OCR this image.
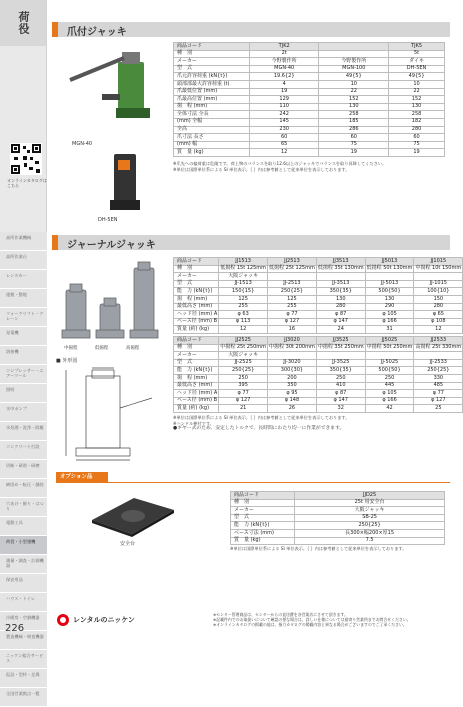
荷役
高所作業機械
高所作業台
レンタカー
運搬・整地
フォークリフト・クレーン
発電機
溶接機
コンプレッサー・エアーツール
照明
水中ポンプ
水処理・洗浄・除塵
コンクリート打設
切断・研削・研磨
締固め・転圧・舗装
穴あけ・掘り・はつり
電動工具
荷役・小型建機
測量・調査・計測機器
保安用品
ハウス・トイレ
冷暖房・空調機器
製造機械・検査機器
ニッケン総合サービス
仮設・型枠・足場
全国営業拠点一覧
226
爪付ジャッキ
MGN-40
DH-5EN
オンラインカタログは
こちら
商品コード	TJK2		TJK5
種　別	2t		5t
メーカー	今野製作所	今野製作所	ダイキ
型　式	MGN-40	MGN-100	DH-5EN
爪元許容荷重 (kN{t})	19.6{2}	49{5}	49{5}
頭部部最大許容荷重 (t)	4	10	10
爪最低位置 (mm)	19	22	22
爪最高位置 (mm)	129	152	152
揚　程 (mm)	110	130	130
全体寸法 全長	242	258	258
(mm) 全幅	145	185	182
全高	230	286	280
爪寸法 長さ	60	60	60
(mm) 幅	65	75	75
質　量 (kg)	12	19	19
※爪先への偏荷重は危険です。荷上物のバランスを取り12.6以上のジャッキでバランスを取り昇降してください。
※単位は国際単位系による SI 単位表示。｛ ｝内は参考値として従来単位を表示しております。
ジャーナルジャッキ
中揚程	低揚程	高揚程
■ 外形図
商品コード	JJ1513	JJ2513	JJ3513	JJ5013	JJ1015
種　別	低揚程 15t 125mm	低揚程 25t 125mm	低揚程 35t 130mm	低揚程 50t 130mm	中揚程 10t 150mm
メーカー	大阪ジャッキ				
型　式	JJ-1513	JJ-2513	JJ-3513	JJ-5013	JJ-1015
能　力 (kN{t})	150{15}	250{25}	350{35}	500{50}	100{10}
揚　程 (mm)	125	125	130	130	150
最低高さ (mm)	255	255	280	290	280
ヘッド径 (mm) A	φ 63	φ 77	φ 87	φ 105	φ 65
ベース径 (mm) B	φ 113	φ 127	φ 147	φ 166	φ 108
質量 (約) (kg)	12	16	24	31	12
商品コード	JJ2525	JJ3020	JJ3525	JJ5025	JJ2533
種　別	中揚程 25t 250mm	中揚程 30t 200mm	中揚程 35t 250mm	中揚程 50t 250mm	高揚程 25t 330mm
メーカー	大阪ジャッキ				
型　式	JJ-2525	JJ-3020	JJ-3525	JJ-5025	JJ-2533
能　力 (kN{t})	250{25}	300{30}	350{35}	500{50}	250{25}
揚　程 (mm)	250	200	250	250	330
最低高さ (mm)	395	350	410	445	485
ヘッド径 (mm) A	φ 77	φ 95	φ 87	φ 105	φ 77
ベース径 (mm) B	φ 127	φ 148	φ 147	φ 166	φ 127
質量 (約) (kg)	21	26	32	42	25
※単位は国際単位系による SI 単位表示。｛ ｝内は参考値として従来単位を表示しております。
※ハンドル棒付です。
●ギヤー式のため、安定したトルクで、長時間にわたり均一に作業ができます。
オプション品
安全台
商品コード	JJD25
種　別	25t 用安全台
メーカー	大阪ジャッキ
型　式	SB-25
能　力 (kN{t})	250{25}
ベース寸法 (mm)	長300×幅200×厚15
質　量 (kg)	7.5
※単位は国際単位系による SI 単位表示。｛ ｝内は参考値として従来単位を表示しております。
レンタルのニッケン
※センター管理商品は、センターからの直送費を各営業店にさせて頂きます。
※記載件内でのお取扱いについて確認の要な場合は、詳しい仕様については最寄り営業所までお問合せください。
※オンラインカタログの掲載の他は、指力カタログの掲載内容と異なる場合がございますのでご了承ください。
